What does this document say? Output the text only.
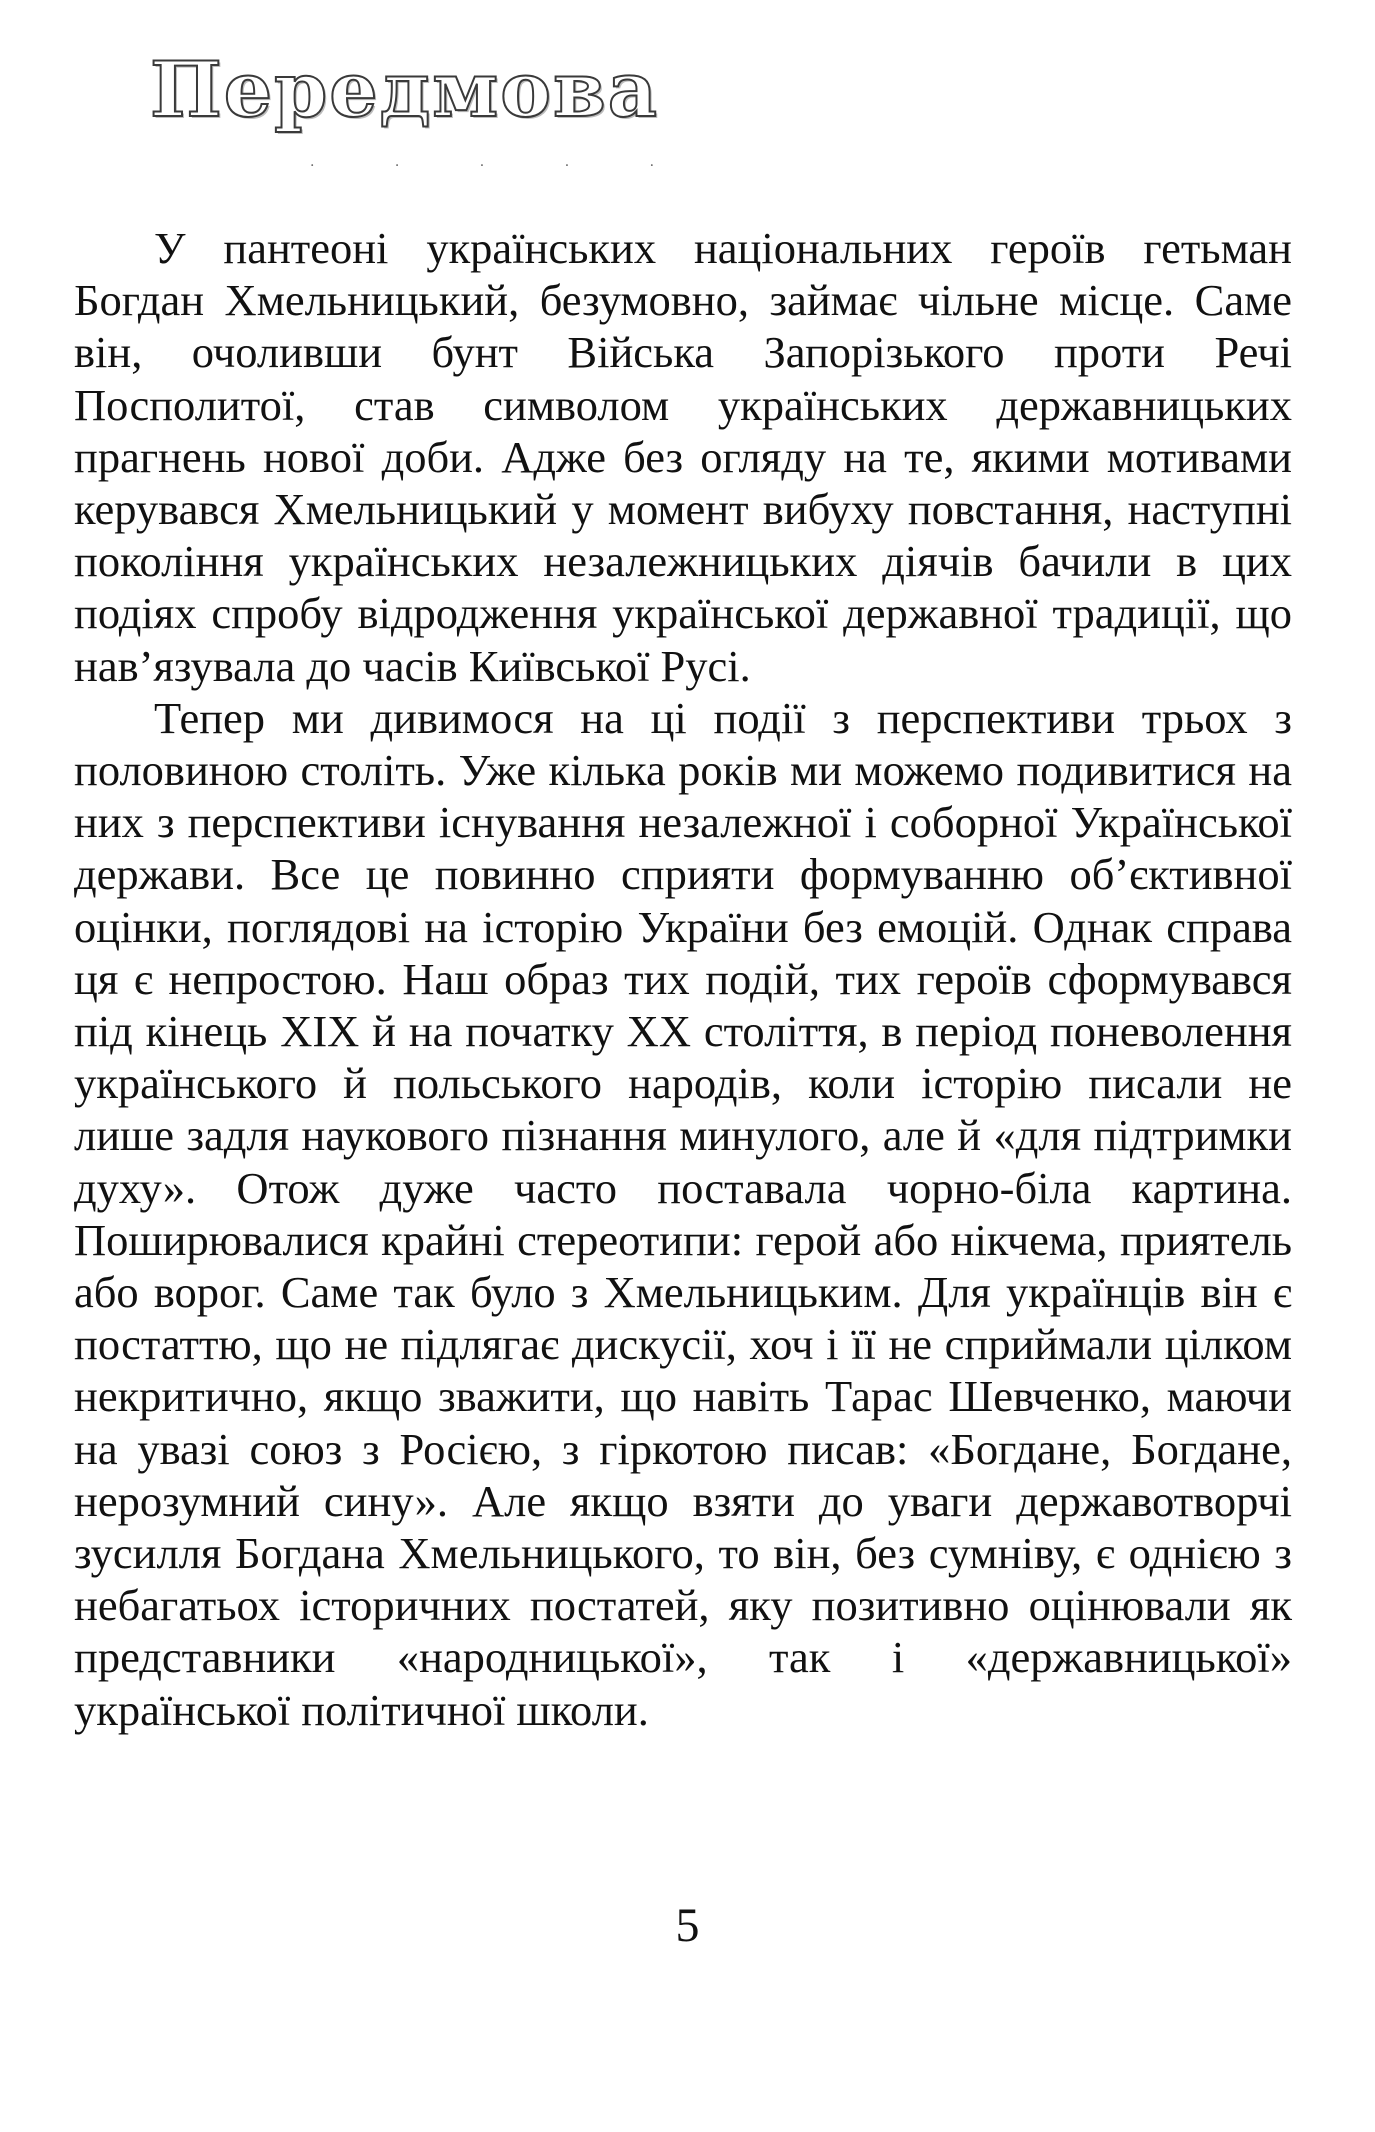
Передмова
· · · · ·

У пантеоні українських національних героїв гетьман Богдан Хмельницький, безумовно, займає чільне місце. Саме він, очоливши бунт Війська Запорізького проти Речі Посполитої, став символом українських державницьких прагнень нової доби. Адже без огляду на те, якими мотивами керувався Хмельницький у момент вибуху повстання, наступні покоління українських незалежницьких діячів бачили в цих подіях спробу відродження української державної традиції, що нав’язувала до часів Київської Русі.

Тепер ми дивимося на ці події з перспективи трьох з половиною століть. Уже кілька років ми можемо подивитися на них з перспективи існування незалежної і соборної Української держави. Все це повинно сприяти формуванню об’єктивної оцінки, поглядові на історію України без емоцій. Однак справа ця є непростою. Наш образ тих подій, тих героїв сформувався під кінець XIX й на початку XX століття, в період поневолення українського й польського народів, коли історію писали не лише задля наукового пізнання минулого, але й «для підтримки духу». Отож дуже часто поставала чорно-біла картина. Поширювалися крайні стереотипи: герой або нікчема, приятель або ворог. Саме так було з Хмельницьким. Для українців він є постаттю, що не підлягає дискусії, хоч і її не сприймали цілком некритично, якщо зважити, що навіть Тарас Шевченко, маючи на увазі союз з Росією, з гіркотою писав: «Богдане, Богдане, нерозумний сину». Але якщо взяти до уваги державотворчі зусилля Богдана Хмельницького, то він, без сумніву, є однією з небагатьох історичних постатей, яку позитивно оцінювали як представники «народницької», так і «державницької» української політичної школи.

5
